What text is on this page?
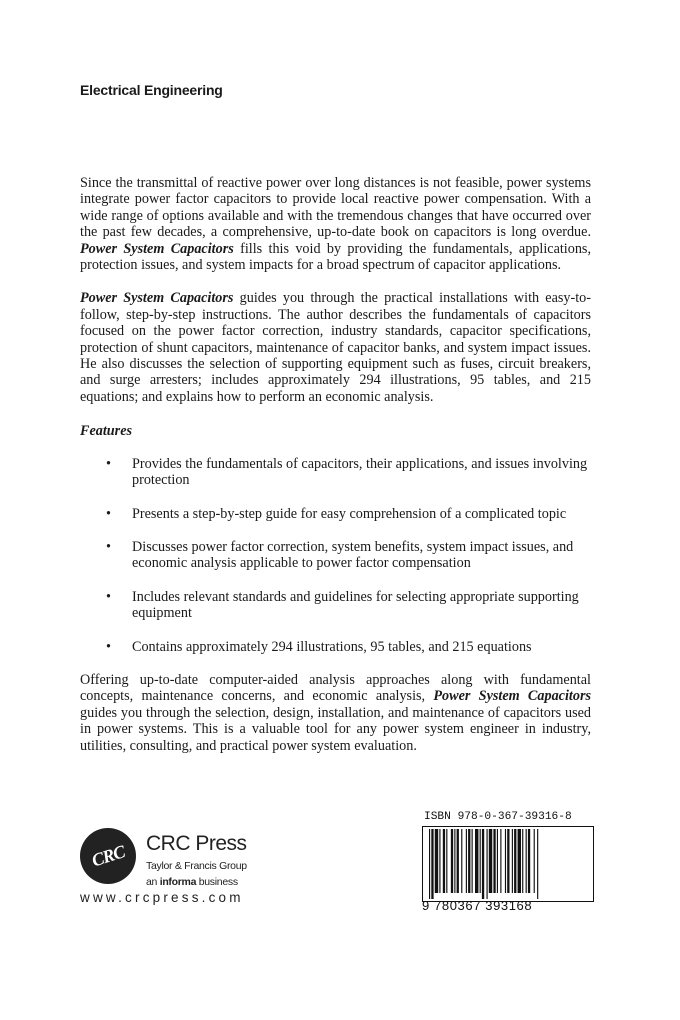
Electrical Engineering

Since the transmittal of reactive power over long distances is not feasible, power systems integrate power factor capacitors to provide local reactive power compensation. With a wide range of options available and with the tremendous changes that have occurred over the past few decades, a comprehensive, up-to-date book on capacitors is long overdue. Power System Capacitors fills this void by providing the fundamentals, applications, protection issues, and system impacts for a broad spectrum of capacitor applications.

Power System Capacitors guides you through the practical installations with easy-to-follow, step-by-step instructions. The author describes the fundamentals of capacitors focused on the power factor correction, industry standards, capacitor specifications, protection of shunt capacitors, maintenance of capacitor banks, and system impact issues. He also discusses the selection of supporting equipment such as fuses, circuit breakers, and surge arresters; includes approximately 294 illustrations, 95 tables, and 215 equations; and explains how to perform an economic analysis.

Features

• Provides the fundamentals of capacitors, their applications, and issues involving protection
• Presents a step-by-step guide for easy comprehension of a complicated topic
• Discusses power factor correction, system benefits, system impact issues, and economic analysis applicable to power factor compensation
• Includes relevant standards and guidelines for selecting appropriate supporting equipment
• Contains approximately 294 illustrations, 95 tables, and 215 equations

Offering up-to-date computer-aided analysis approaches along with fundamental concepts, maintenance concerns, and economic analysis, Power System Capacitors guides you through the selection, design, installation, and maintenance of capacitors used in power systems. This is a valuable tool for any power system engineer in industry, utilities, consulting, and practical power system evaluation.

CRC CRC Press
Taylor & Francis Group
an informa business
www.crcpress.com
ISBN 978-0-367-39316-8
9 780367 393168
